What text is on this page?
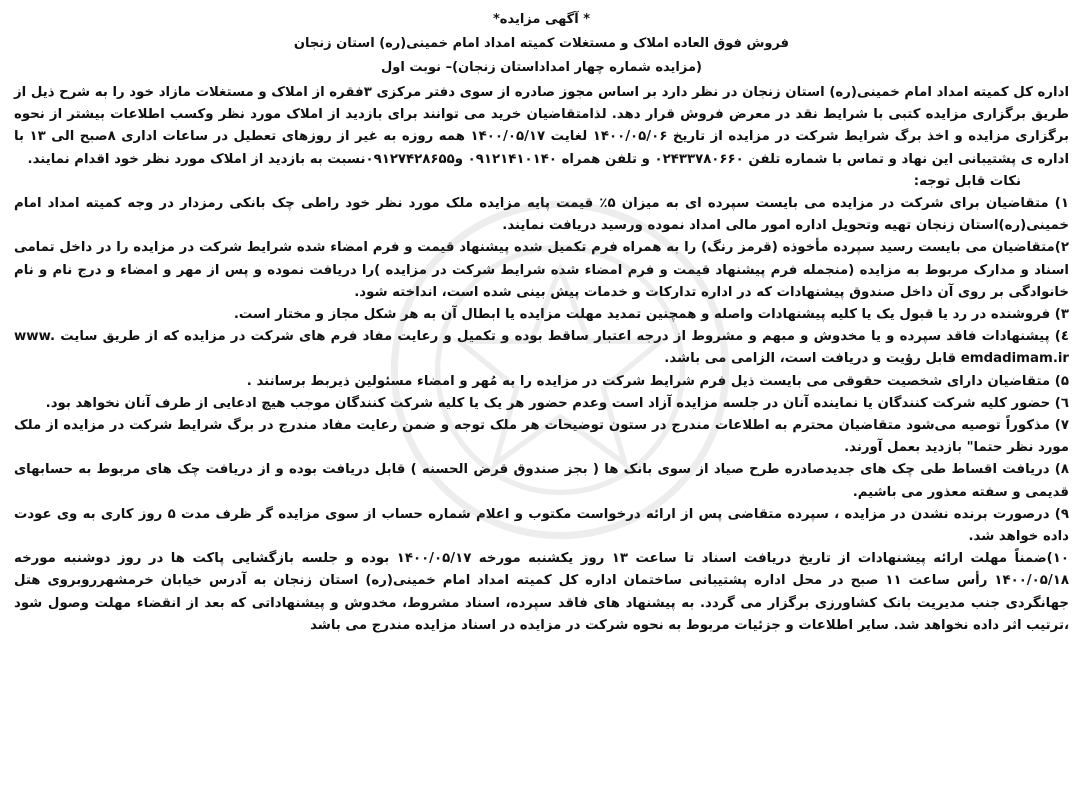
* آگهی مزایده*
فروش فوق العاده املاک و مستغلات کمیته امداد امام خمینی(ره) استان زنجان
(مزایده شماره چهار امداداستان زنجان)– نوبت اول
اداره کل کمیته امداد امام خمینی(ره) استان زنجان در نظر دارد بر اساس مجوز صادره از سوی دفتر مرکزی ۳فقره از املاک و مستغلات مازاد خود را به شرح ذیل از طریق برگزاری مزایده کتبی با شرایط نقد در معرض فروش قرار دهد. لذامتقاضیان خرید می توانند برای بازدید از املاک مورد نظر وکسب اطلاعات بیشتر از نحوه برگزاری مزایده و اخذ برگ شرایط شرکت در مزایده از تاریخ ۱۴۰۰/۰۵/۰۶ لغایت ۱۴۰۰/۰۵/۱۷ همه روزه به غیر از روزهای تعطیل در ساعات اداری ۸صبح الی ۱۳ با اداره ی پشتیبانی این نهاد و تماس با شماره تلفن ۰۲۴۳۳۷۸۰۶۶۰ و تلفن همراه ۰۹۱۲۱۴۱۰۱۴۰ و۰۹۱۲۷۴۲۸۶۵۵نسبت به بازدید از املاک مورد نظر خود اقدام نمایند.
نکات قابل توجه:
۱) متقاضیان برای شرکت در مزایده می بایست سپرده ای به میزان ۵٪ قیمت پایه مزایده ملک مورد نظر خود راطی چک بانکی رمزدار در وجه کمیته امداد امام خمینی(ره)استان زنجان تهیه وتحویل اداره امور مالی امداد نموده ورسید دریافت نمایند.
۲)متقاضیان می بایست رسید سپرده مأخوذه (قرمز رنگ) را به همراه فرم تکمیل شده پیشنهاد قیمت و فرم امضاء شده شرایط شرکت در مزایده را در داخل تمامی اسناد و مدارک مربوط به مزایده (منجمله فرم پیشنهاد قیمت و فرم امضاء شده شرایط شرکت در مزایده )را دریافت نموده و پس از مهر و امضاء و درج نام و نام خانوادگی بر روی آن داخل صندوق پیشنهادات که در اداره تدارکات و خدمات پیش بینی شده است، انداخته شود.
۳) فروشنده در رد یا قبول یک یا کلیه پیشنهادات واصله و همچنین تمدید مهلت مزایده یا ابطال آن به هر شکل مجاز و مختار است.
٤) پیشنهادات فاقد سپرده و یا مخدوش و مبهم و مشروط از درجه اعتبار ساقط بوده و تکمیل و رعایت مفاد فرم های شرکت در مزایده که از طریق سایت www. emdadimam.ir قابل رؤیت و دریافت است، الزامی می باشد.
۵) متقاضیان دارای شخصیت حقوقی می بایست ذیل فرم شرایط شرکت در مزایده را به مُهر و امضاء مسئولین ذیربط برسانند .
٦) حضور کلیه شرکت کنندگان یا نماینده آنان در جلسه مزایده آزاد است وعدم حضور هر یک یا کلیه شرکت کنندگان موجب هیچ ادعایی از طرف آنان نخواهد بود.
۷) مذکوراً توصیه می‌شود متقاضیان محترم به اطلاعات مندرج در ستون توضیحات هر ملک توجه و ضمن رعایت مفاد مندرج در برگ شرایط شرکت در مزایده از ملک مورد نظر حتما" بازدید بعمل آورند.
۸) دریافت اقساط طی چک های جدیدصادره طرح صیاد از سوی بانک ها ( بجز صندوق قرض الحسنه ) قابل دریافت بوده و از دریافت چک های مربوط به حسابهای قدیمی و سفته معذور می باشیم.
۹) درصورت برنده نشدن در مزایده ، سپرده متقاضی پس از ارائه درخواست مکتوب و اعلام شماره حساب از سوی مزایده گر ظرف مدت ۵ روز کاری به وی عودت داده خواهد شد.
۱۰)ضمناً مهلت ارائه پیشنهادات از تاریخ دریافت اسناد تا ساعت ۱۳ روز یکشنبه مورخه ۱۴۰۰/۰۵/۱۷ بوده و جلسه بازگشایی پاکت ها در روز دوشنبه مورخه ۱۴۰۰/۰۵/۱۸ رأس ساعت ۱۱ صبح در محل اداره پشتیبانی ساختمان اداره کل کمیته امداد امام خمینی(ره) استان زنجان به آدرس خیابان خرمشهرروبروی هتل جهانگردی جنب مدیریت بانک کشاورزی برگزار می گردد. به پیشنهاد های فاقد سپرده، اسناد مشروط، مخدوش و پیشنهاداتی که بعد از انقضاء مهلت وصول شود ،ترتیب اثر داده نخواهد شد. سایر اطلاعات و جزئیات مربوط به نحوه شرکت در مزایده در اسناد مزایده مندرج می باشد
